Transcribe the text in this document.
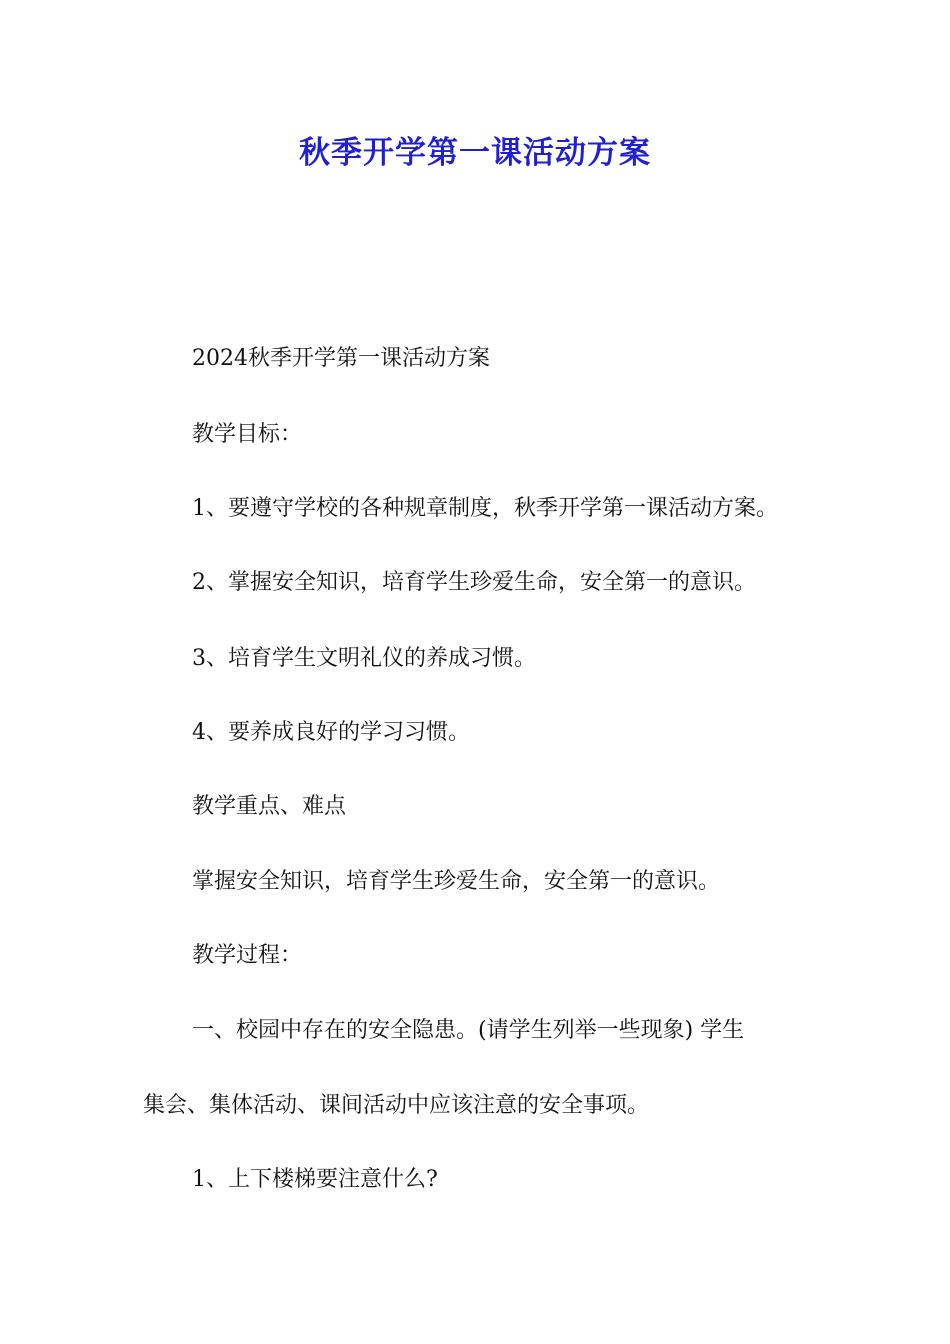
秋季开学第一课活动方案
2024秋季开学第一课活动方案
教学目标：
1、要遵守学校的各种规章制度，秋季开学第一课活动方案。
2、掌握安全知识，培育学生珍爱生命，安全第一的意识。
3、培育学生文明礼仪的养成习惯。
4、要养成良好的学习习惯。
教学重点、难点
掌握安全知识，培育学生珍爱生命，安全第一的意识。
教学过程：
一、校园中存在的安全隐患。(请学生列举一些现象) 学生
集会、集体活动、课间活动中应该注意的安全事项。
1、上下楼梯要注意什么?
